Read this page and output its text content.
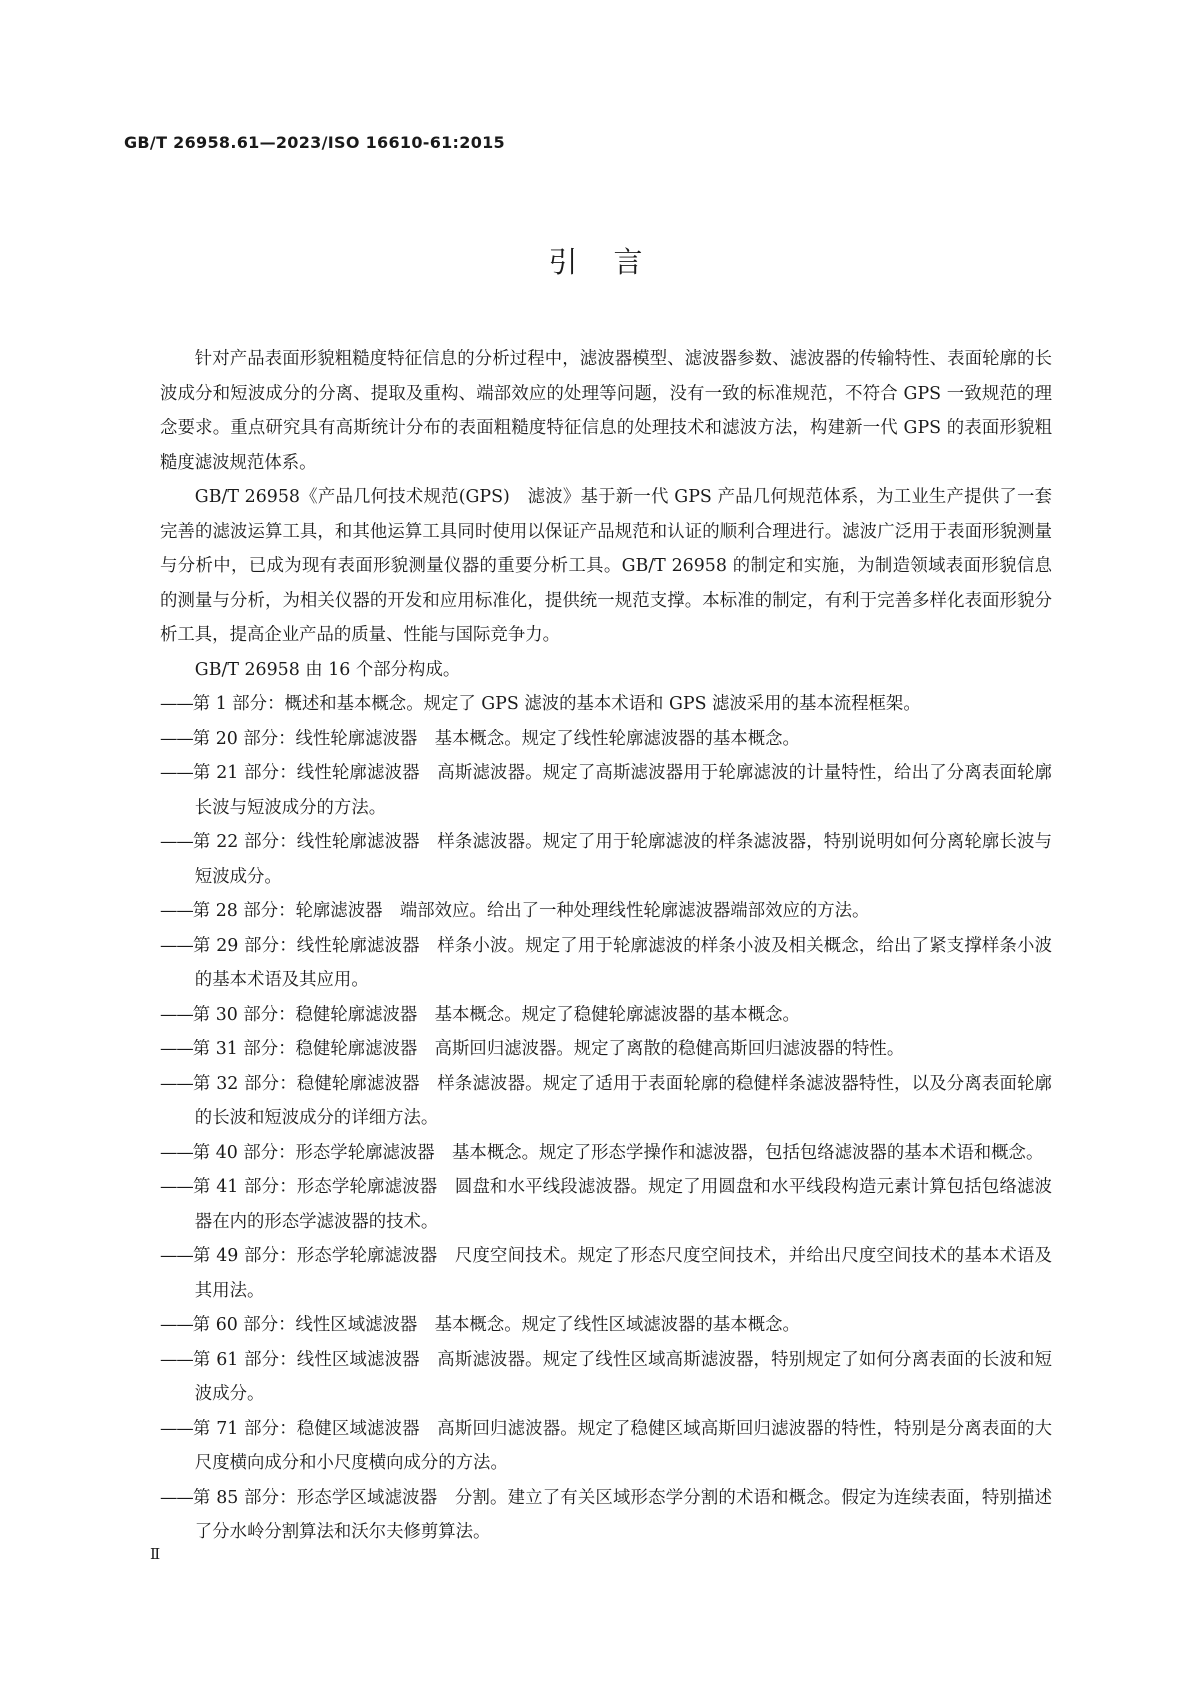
GB/T 26958.61—2023/ISO 16610-61:2015
引言

针对产品表面形貌粗糙度特征信息的分析过程中，滤波器模型、滤波器参数、滤波器的传输特性、表面轮廓的长波成分和短波成分的分离、提取及重构、端部效应的处理等问题，没有一致的标准规范，不符合 GPS 一致规范的理念要求。重点研究具有高斯统计分布的表面粗糙度特征信息的处理技术和滤波方法，构建新一代 GPS 的表面形貌粗糙度滤波规范体系。

GB/T 26958《产品几何技术规范(GPS)　滤波》基于新一代 GPS 产品几何规范体系，为工业生产提供了一套完善的滤波运算工具，和其他运算工具同时使用以保证产品规范和认证的顺利合理进行。滤波广泛用于表面形貌测量与分析中，已成为现有表面形貌测量仪器的重要分析工具。GB/T 26958 的制定和实施，为制造领域表面形貌信息的测量与分析，为相关仪器的开发和应用标准化，提供统一规范支撑。本标准的制定，有利于完善多样化表面形貌分析工具，提高企业产品的质量、性能与国际竞争力。

GB/T 26958 由 16 个部分构成。

——第 1 部分：概述和基本概念。规定了 GPS 滤波的基本术语和 GPS 滤波采用的基本流程框架。

——第 20 部分：线性轮廓滤波器　基本概念。规定了线性轮廓滤波器的基本概念。

——第 21 部分：线性轮廓滤波器　高斯滤波器。规定了高斯滤波器用于轮廓滤波的计量特性，给出了分离表面轮廓长波与短波成分的方法。

——第 22 部分：线性轮廓滤波器　样条滤波器。规定了用于轮廓滤波的样条滤波器，特别说明如何分离轮廓长波与短波成分。

——第 28 部分：轮廓滤波器　端部效应。给出了一种处理线性轮廓滤波器端部效应的方法。

——第 29 部分：线性轮廓滤波器　样条小波。规定了用于轮廓滤波的样条小波及相关概念，给出了紧支撑样条小波的基本术语及其应用。

——第 30 部分：稳健轮廓滤波器　基本概念。规定了稳健轮廓滤波器的基本概念。

——第 31 部分：稳健轮廓滤波器　高斯回归滤波器。规定了离散的稳健高斯回归滤波器的特性。

——第 32 部分：稳健轮廓滤波器　样条滤波器。规定了适用于表面轮廓的稳健样条滤波器特性，以及分离表面轮廓的长波和短波成分的详细方法。

——第 40 部分：形态学轮廓滤波器　基本概念。规定了形态学操作和滤波器，包括包络滤波器的基本术语和概念。

——第 41 部分：形态学轮廓滤波器　圆盘和水平线段滤波器。规定了用圆盘和水平线段构造元素计算包括包络滤波器在内的形态学滤波器的技术。

——第 49 部分：形态学轮廓滤波器　尺度空间技术。规定了形态尺度空间技术，并给出尺度空间技术的基本术语及其用法。

——第 60 部分：线性区域滤波器　基本概念。规定了线性区域滤波器的基本概念。

——第 61 部分：线性区域滤波器　高斯滤波器。规定了线性区域高斯滤波器，特别规定了如何分离表面的长波和短波成分。

——第 71 部分：稳健区域滤波器　高斯回归滤波器。规定了稳健区域高斯回归滤波器的特性，特别是分离表面的大尺度横向成分和小尺度横向成分的方法。

——第 85 部分：形态学区域滤波器　分割。建立了有关区域形态学分割的术语和概念。假定为连续表面，特别描述了分水岭分割算法和沃尔夫修剪算法。

Ⅱ
